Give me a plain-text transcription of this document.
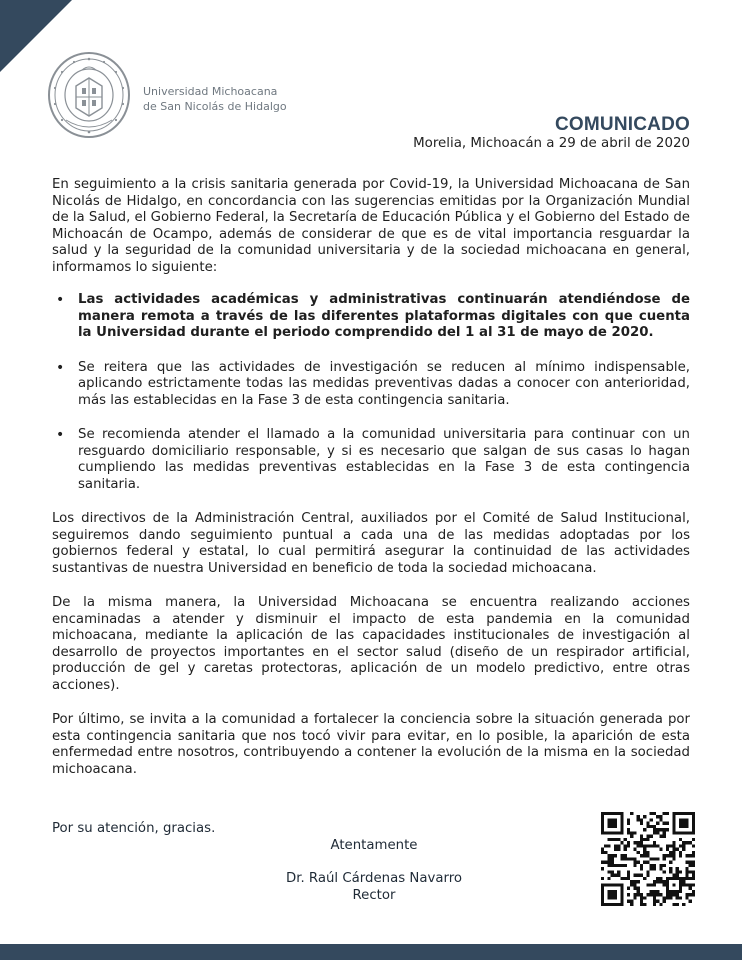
Universidad Michoacana
de San Nicolás de Hidalgo
COMUNICADO
Morelia, Michoacán a 29 de abril de 2020

En seguimiento a la crisis sanitaria generada por Covid-19, la Universidad Michoacana de San Nicolás de Hidalgo, en concordancia con las sugerencias emitidas por la Organización Mundial de la Salud, el Gobierno Federal, la Secretaría de Educación Pública y el Gobierno del Estado de Michoacán de Ocampo, además de considerar de que es de vital importancia resguardar la salud y la seguridad de la comunidad universitaria y de la sociedad michoacana en general, informamos lo siguiente:

• Las actividades académicas y administrativas continuarán atendiéndose de manera remota a través de las diferentes plataformas digitales con que cuenta la Universidad durante el periodo comprendido del 1 al 31 de mayo de 2020.
• Se reitera que las actividades de investigación se reducen al mínimo indispensable, aplicando estrictamente todas las medidas preventivas dadas a conocer con anterioridad, más las establecidas en la Fase 3 de esta contingencia sanitaria.
• Se recomienda atender el llamado a la comunidad universitaria para continuar con un resguardo domiciliario responsable, y si es necesario que salgan de sus casas lo hagan cumpliendo las medidas preventivas establecidas en la Fase 3 de esta contingencia sanitaria.

Los directivos de la Administración Central, auxiliados por el Comité de Salud Institucional, seguiremos dando seguimiento puntual a cada una de las medidas adoptadas por los gobiernos federal y estatal, lo cual permitirá asegurar la continuidad de las actividades sustantivas de nuestra Universidad en beneficio de toda la sociedad michoacana.

De la misma manera, la Universidad Michoacana se encuentra realizando acciones encaminadas a atender y disminuir el impacto de esta pandemia en la comunidad michoacana, mediante la aplicación de las capacidades institucionales de investigación al desarrollo de proyectos importantes en el sector salud (diseño de un respirador artificial, producción de gel y caretas protectoras, aplicación de un modelo predictivo, entre otras acciones).

Por último, se invita a la comunidad a fortalecer la conciencia sobre la situación generada por esta contingencia sanitaria que nos tocó vivir para evitar, en lo posible, la aparición de esta enfermedad entre nosotros, contribuyendo a contener la evolución de la misma en la sociedad michoacana.

Por su atención, gracias.
Atentamente
Dr. Raúl Cárdenas Navarro
Rector
